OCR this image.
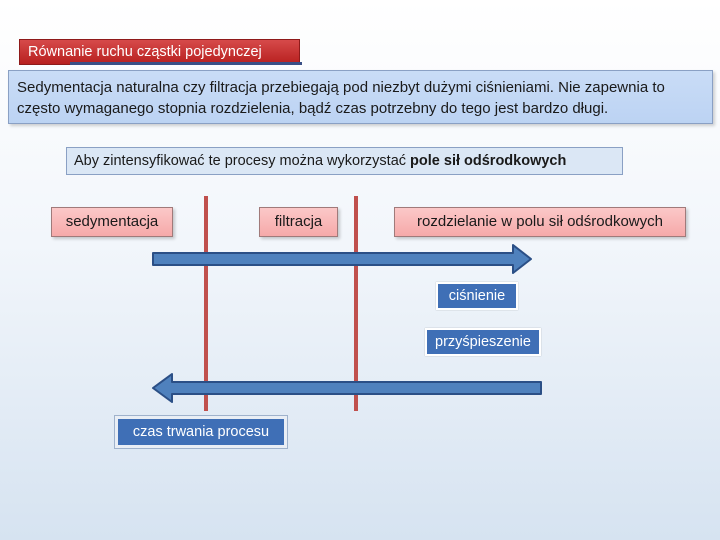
Równanie ruchu cząstki pojedynczej
Sedymentacja naturalna czy filtracja przebiegają pod niezbyt dużymi ciśnieniami. Nie zapewnia to często wymaganego stopnia rozdzielenia, bądź czas potrzebny do tego jest bardzo długi.
Aby zintensyfikować te procesy można wykorzystać pole sił odśrodkowych
sedymentacja	filtracja	rozdzielanie w polu sił odśrodkowych
ciśnienie
przyśpieszenie
czas trwania procesu
